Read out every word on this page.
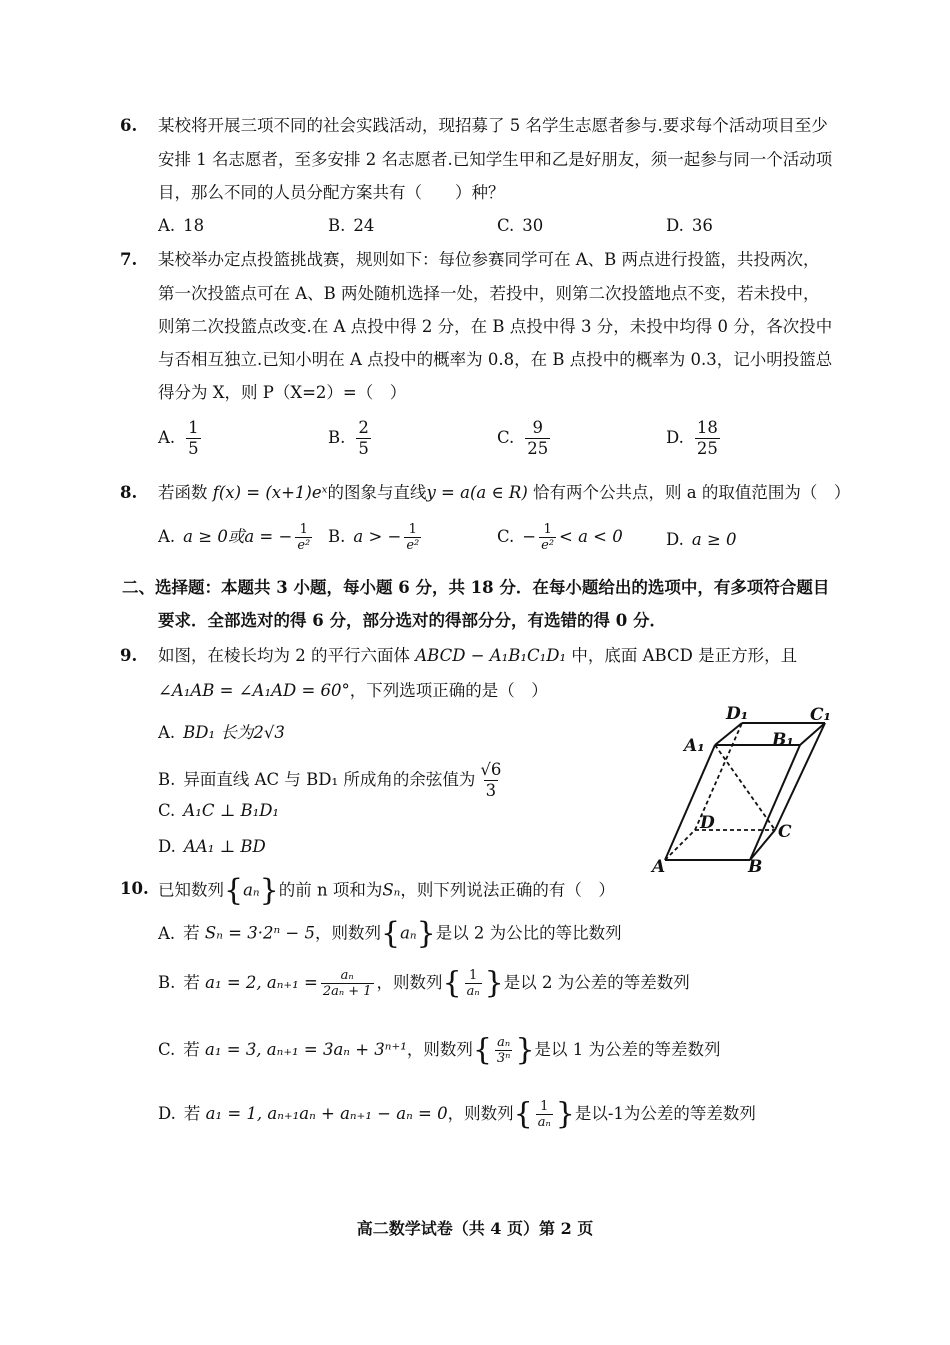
6. 某校将开展三项不同的社会实践活动，现招募了 5 名学生志愿者参与.要求每个活动项目至少
安排 1 名志愿者，至多安排 2 名志愿者.已知学生甲和乙是好朋友，须一起参与同一个活动项
目，那么不同的人员分配方案共有（　　）种？
A. 18	B. 24	C. 30	D. 36
7. 某校举办定点投篮挑战赛，规则如下：每位参赛同学可在 A、B 两点进行投篮，共投两次，
第一次投篮点可在 A、B 两处随机选择一处，若投中，则第二次投篮地点不变，若未投中，
则第二次投篮点改变.在 A 点投中得 2 分，在 B 点投中得 3 分，未投中均得 0 分，各次投中
与否相互独立.已知小明在 A 点投中的概率为 0.8，在 B 点投中的概率为 0.3，记小明投篮总
得分为 X，则 P（X=2）=（　）
A. $\frac{1}{5}$	B. $\frac{2}{5}$	C. $\frac{9}{25}$	D. $\frac{18}{25}$
8. 若函数 f(x) = (x+1)eˣ的图象与直线y = a(a ∈ R) 恰有两个公共点，则 a 的取值范围为（　）
A. a ≥ 0或a = − $\frac{1}{\text{e²}} B$. a > − $\frac{1}{\text{e²}}$	C. − $\frac{1}{\text{e²}} < a < 0$	D. a ≥ 0
二、选择题：本题共 3 小题，每小题 6 分，共 18 分．在每小题给出的选项中，有多项符合题目
要求．全部选对的得 6 分，部分选对的得部分分，有选错的得 0 分．
9. 如图，在棱长均为 2 的平行六面体 ABCD − A₁B₁C₁D₁ 中，底面 ABCD 是正方形，且
∠A₁AB = ∠A₁AD = 60°，下列选项正确的是（　）
A. BD₁ 长为2√3
B. 异面直线 AC 与 BD₁ 所成角的余弦值为 $\frac{√6}{3}$
C. A₁C ⊥ B₁D₁
D. AA₁ ⊥ BD
A	B
C
D
A₁	B₁
C₁
D₁
10. 已知数列{aₙ}的前 n 项和为Sₙ，则下列说法正确的有（　）
A. 若 Sₙ = 3·2ⁿ − 5，则数列{aₙ}是以 2 为公比的等比数列
B. 若 a₁ = 2, $a_{n+1} = \frac{\text{aₙ}}{\text{2aₙ + 1}}$ ，则数列{ $\frac{1}{\text{aₙ}}$ }是以 2 为公差的等差数列
C. 若 a₁ = 3, aₙ₊₁ = 3aₙ + 3ⁿ⁺¹，则数列{ $\frac{\text{aₙ}}{\text{3ⁿ}}$ }是以 1 为公差的等差数列
D. 若 a₁ = 1, aₙ₊₁aₙ + aₙ₊₁ − aₙ = 0，则数列{ $\frac{1}{\text{aₙ}}$ }是以-1为公差的等差数列
高二数学试卷（共 4 页）第 2 页
